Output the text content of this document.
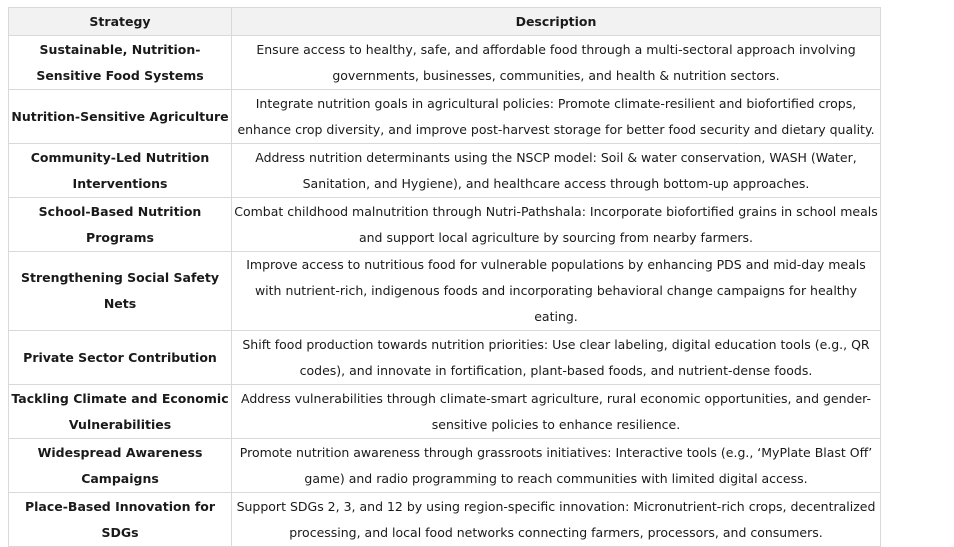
Strategy	Description
Sustainable, Nutrition-Sensitive Food Systems	Ensure access to healthy, safe, and affordable food through a multi-sectoral approach involving governments, businesses, communities, and health & nutrition sectors.
Nutrition-Sensitive Agriculture	Integrate nutrition goals in agricultural policies: Promote climate-resilient and biofortified crops, enhance crop diversity, and improve post-harvest storage for better food security and dietary quality.
Community-Led Nutrition Interventions	Address nutrition determinants using the NSCP model: Soil & water conservation, WASH (Water, Sanitation, and Hygiene), and healthcare access through bottom-up approaches.
School-Based Nutrition Programs	Combat childhood malnutrition through Nutri-Pathshala: Incorporate biofortified grains in school meals and support local agriculture by sourcing from nearby farmers.
Strengthening Social Safety Nets	Improve access to nutritious food for vulnerable populations by enhancing PDS and mid-day meals with nutrient-rich, indigenous foods and incorporating behavioral change campaigns for healthy eating.
Private Sector Contribution	Shift food production towards nutrition priorities: Use clear labeling, digital education tools (e.g., QR codes), and innovate in fortification, plant-based foods, and nutrient-dense foods.
Tackling Climate and Economic Vulnerabilities	Address vulnerabilities through climate-smart agriculture, rural economic opportunities, and gender-sensitive policies to enhance resilience.
Widespread Awareness Campaigns	Promote nutrition awareness through grassroots initiatives: Interactive tools (e.g., ‘MyPlate Blast Off’ game) and radio programming to reach communities with limited digital access.
Place-Based Innovation for SDGs	Support SDGs 2, 3, and 12 by using region-specific innovation: Micronutrient-rich crops, decentralized processing, and local food networks connecting farmers, processors, and consumers.
